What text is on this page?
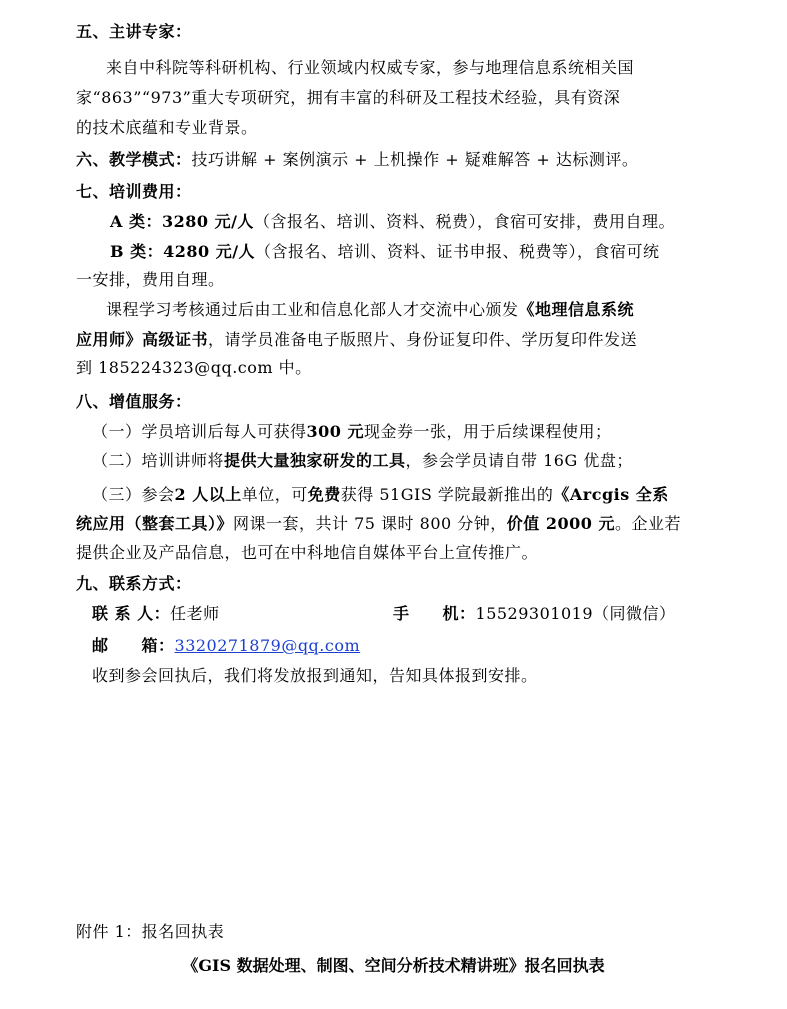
五、主讲专家：
来自中科院等科研机构、行业领域内权威专家，参与地理信息系统相关国
家“863”“973”重大专项研究，拥有丰富的科研及工程技术经验，具有资深
的技术底蕴和专业背景。
六、教学模式：技巧讲解 + 案例演示 + 上机操作 + 疑难解答 + 达标测评。
七、培训费用：
A 类：3280 元/人（含报名、培训、资料、税费），食宿可安排，费用自理。
B 类：4280 元/人（含报名、培训、资料、证书申报、税费等），食宿可统
一安排，费用自理。
课程学习考核通过后由工业和信息化部人才交流中心颁发《地理信息系统
应用师》高级证书，请学员准备电子版照片、身份证复印件、学历复印件发送
到 185224323@qq.com 中。
八、增值服务：
（一）学员培训后每人可获得300 元现金券一张，用于后续课程使用；
（二）培训讲师将提供大量独家研发的工具，参会学员请自带 16G 优盘；
（三）参会2 人以上单位，可免费获得 51GIS 学院最新推出的《Arcgis 全系
统应用（整套工具）》网课一套，共计 75 课时 800 分钟，价值 2000 元。企业若
提供企业及产品信息，也可在中科地信自媒体平台上宣传推广。
九、联系方式：
联 系 人：任老师	手　　机：15529301019（同微信）
邮　　箱：3320271879@qq.com
收到参会回执后，我们将发放报到通知，告知具体报到安排。
附件 1：报名回执表
《GIS 数据处理、制图、空间分析技术精讲班》报名回执表
